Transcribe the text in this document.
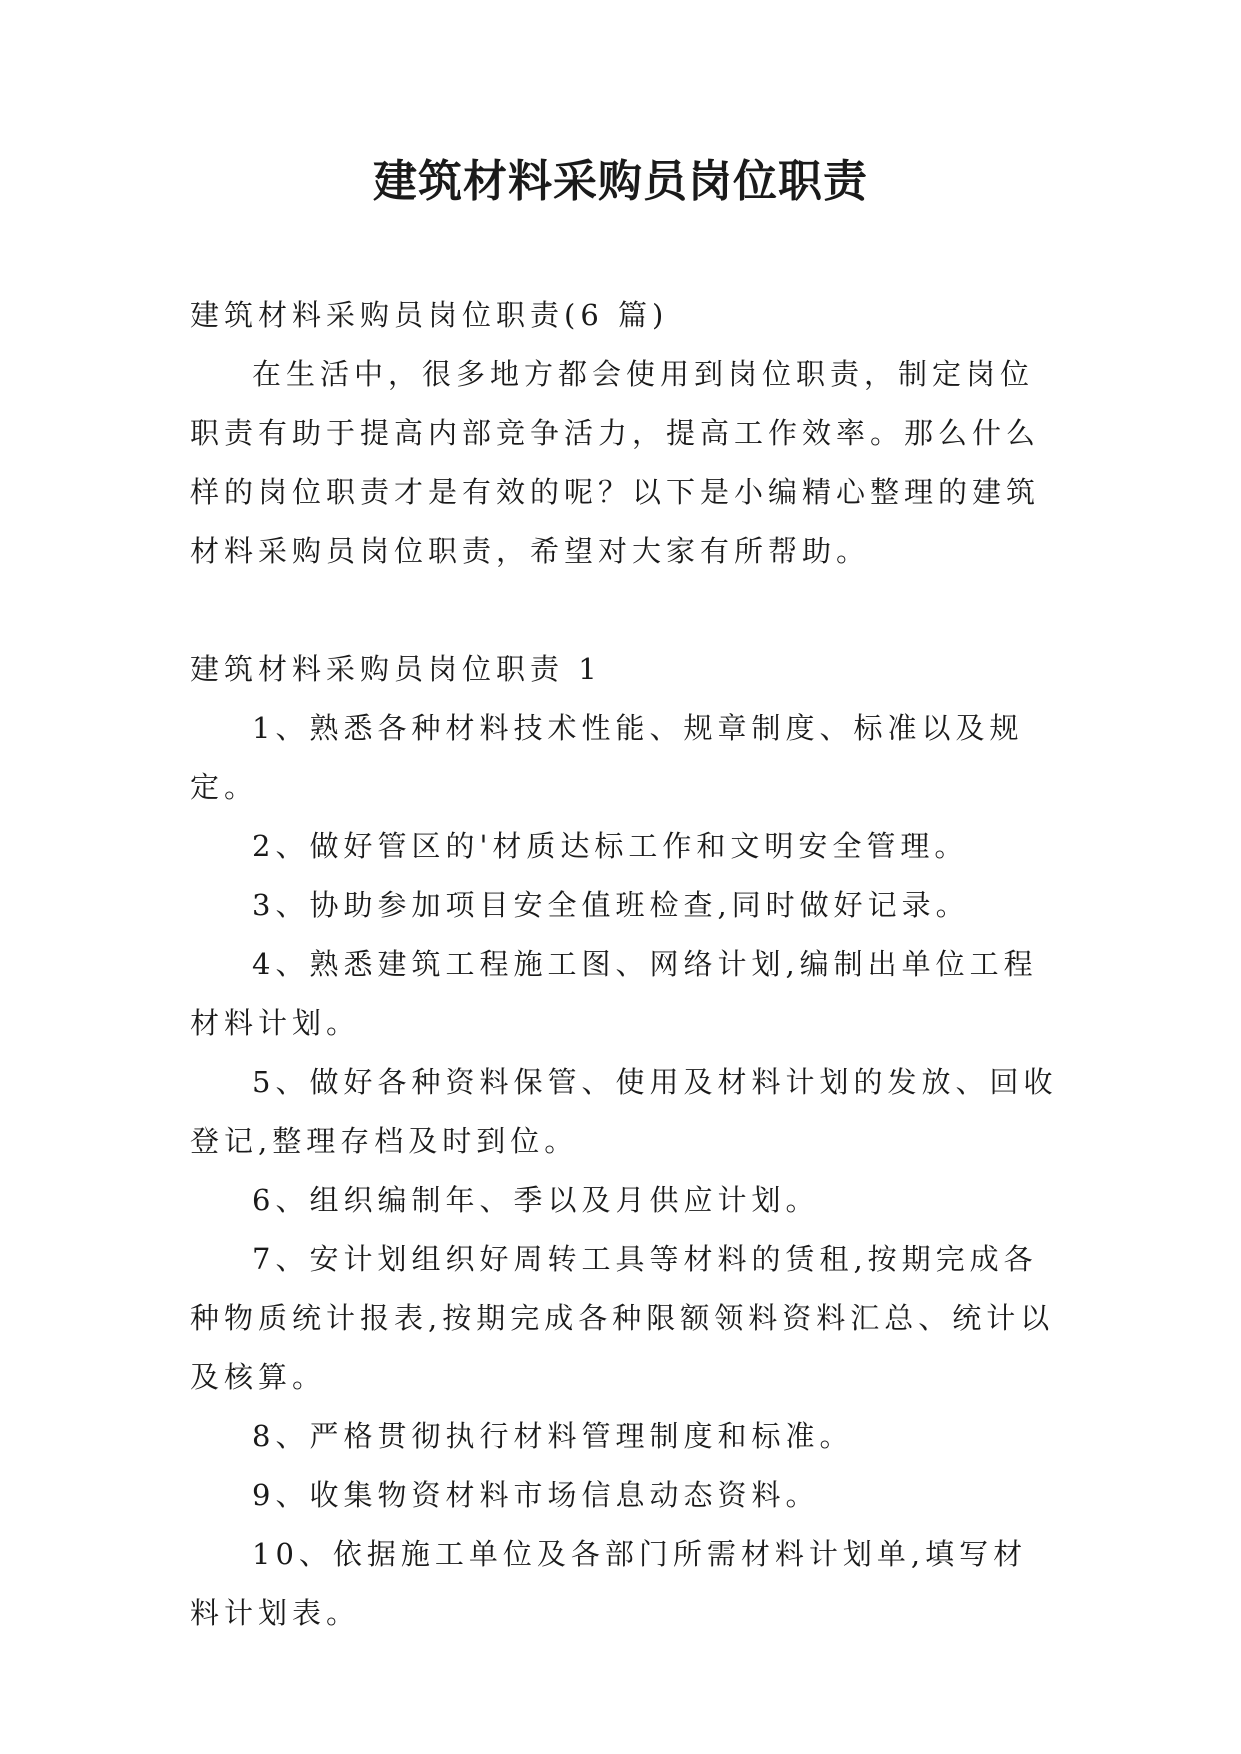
建筑材料采购员岗位职责

建筑材料采购员岗位职责(6 篇)

在生活中，很多地方都会使用到岗位职责，制定岗位职责有助于提高内部竞争活力，提高工作效率。那么什么样的岗位职责才是有效的呢？以下是小编精心整理的建筑材料采购员岗位职责，希望对大家有所帮助。

建筑材料采购员岗位职责 1

1、熟悉各种材料技术性能、规章制度、标准以及规定。

2、做好管区的'材质达标工作和文明安全管理。

3、协助参加项目安全值班检查,同时做好记录。

4、熟悉建筑工程施工图、网络计划,编制出单位工程材料计划。

5、做好各种资料保管、使用及材料计划的发放、回收登记,整理存档及时到位。

6、组织编制年、季以及月供应计划。

7、安计划组织好周转工具等材料的赁租,按期完成各种物质统计报表,按期完成各种限额领料资料汇总、统计以及核算。

8、严格贯彻执行材料管理制度和标准。

9、收集物资材料市场信息动态资料。

10、依据施工单位及各部门所需材料计划单,填写材料计划表。
